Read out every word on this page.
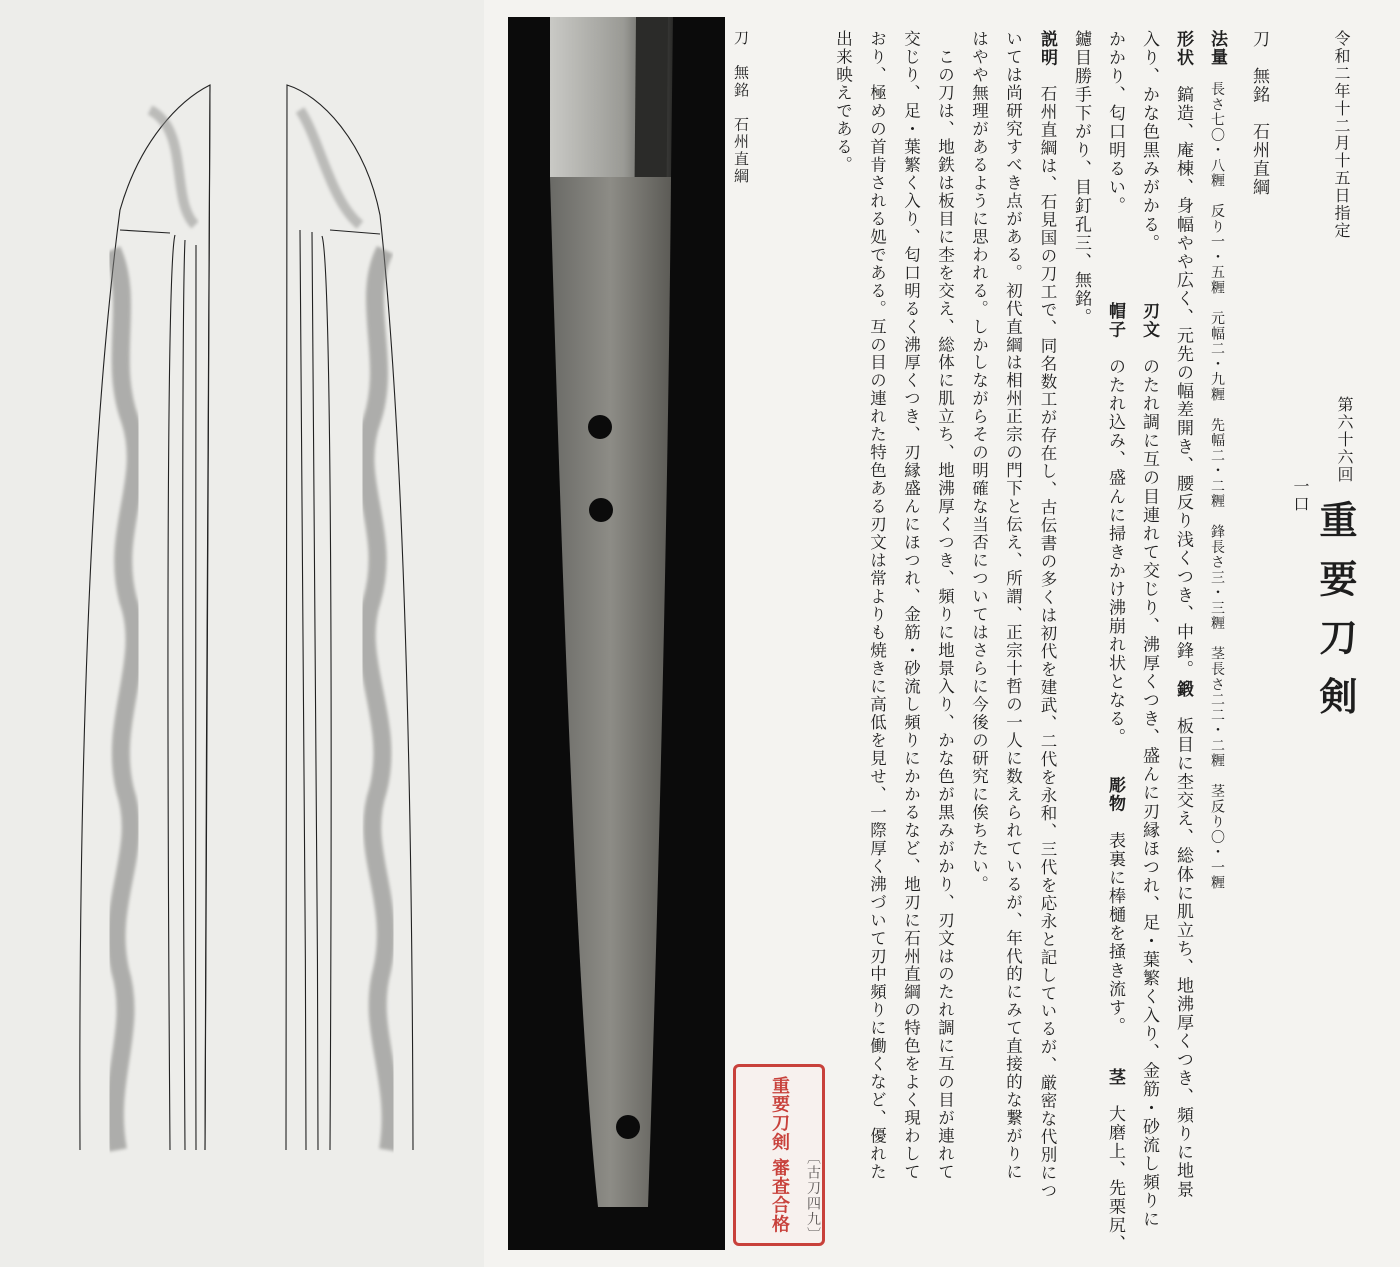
刀　無銘　石州直綱	令和二年十二月十五日指定
第六十六回
重要刀剣
一口
刀　無銘　石州直綱
法量　長さ七〇・八糎　反り一・五糎　元幅二・九糎　先幅二・二糎　鋒長さ三・三糎　茎長さ二二・二糎　茎反り〇・一糎
形状　鎬造、庵棟、身幅やや広く、元先の幅差開き、腰反り浅くつき、中鋒。
鍛　板目に杢交え、総体に肌立ち、地沸厚くつき、頻りに地景
入り、かな色黒みがかる。
刃文　のたれ調に互の目連れて交じり、沸厚くつき、盛んに刃縁ほつれ、足・葉繁く入り、金筋・砂流し頻りに
かかり、匂口明るい。
帽子　のたれ込み、盛んに掃きかけ沸崩れ状となる。
彫物　表裏に棒樋を掻き流す。
茎　大磨上、先栗尻、
鑢目勝手下がり、目釘孔三、無銘。
説明　石州直綱は、石見国の刀工で、同名数工が存在し、古伝書の多くは初代を建武、二代を永和、三代を応永と記しているが、厳密な代別につ
いては尚研究すべき点がある。初代直綱は相州正宗の門下と伝え、所謂、正宗十哲の一人に数えられているが、年代的にみて直接的な繋がりに
はやや無理があるように思われる。しかしながらその明確な当否についてはさらに今後の研究に俟ちたい。
　この刀は、地鉄は板目に杢を交え、総体に肌立ち、地沸厚くつき、頻りに地景入り、かな色が黒みがかり、刃文はのたれ調に互の目が連れて
交じり、足・葉繁く入り、匂口明るく沸厚くつき、刃縁盛んにほつれ、金筋・砂流し頻りにかかるなど、地刃に石州直綱の特色をよく現わして
おり、極めの首肯される処である。互の目の連れた特色ある刃文は常よりも焼きに高低を見せ、一際厚く沸づいて刃中頻りに働くなど、優れた
出来映えである。
〔古刀四九〕
重要刀剣
審査合格
